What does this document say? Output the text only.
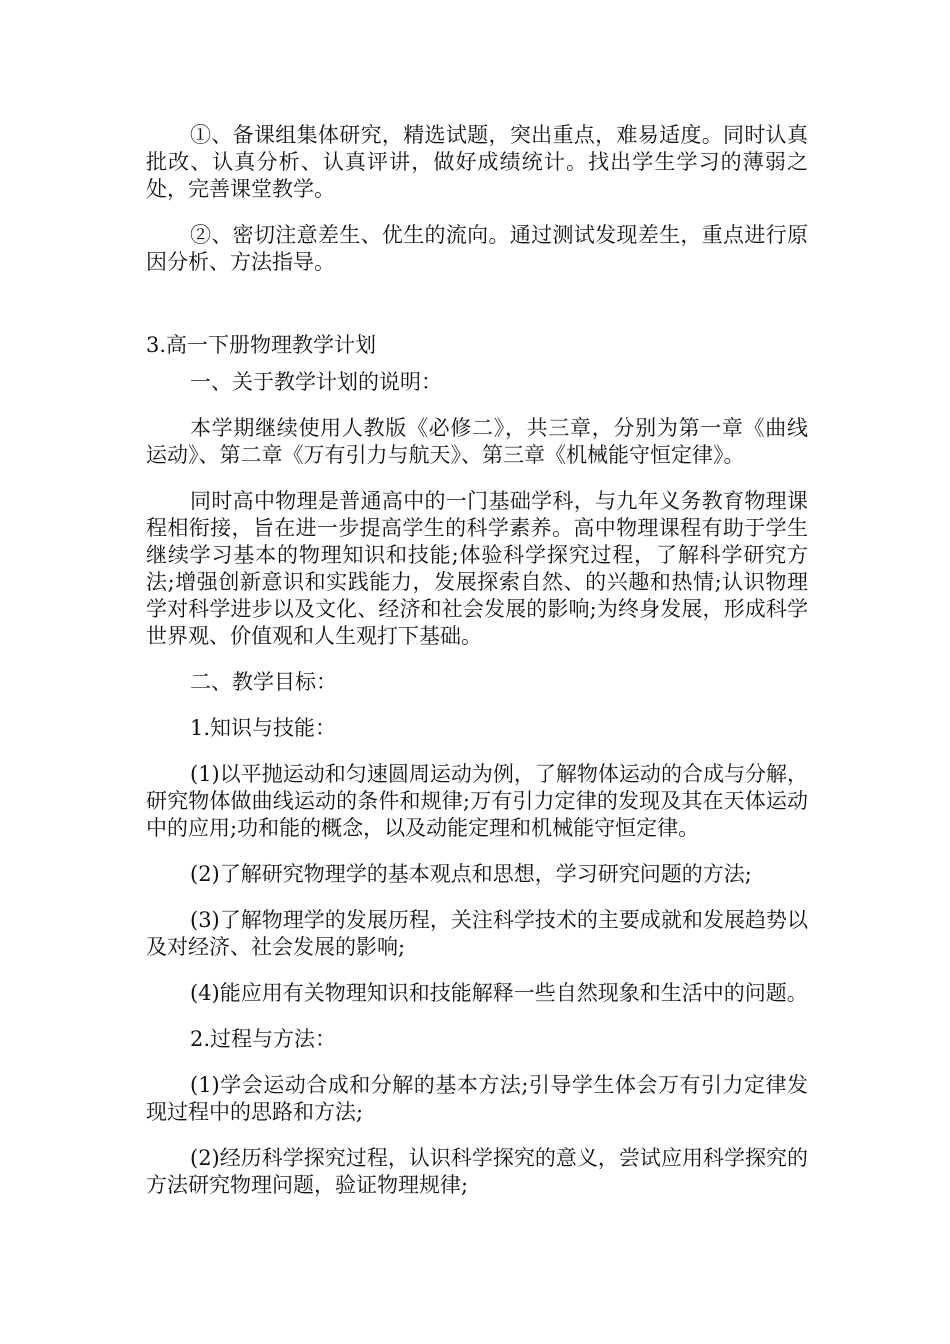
①、备课组集体研究，精选试题，突出重点，难易适度。同时认真批改、认真分析、认真评讲，做好成绩统计。找出学生学习的薄弱之处，完善课堂教学。

②、密切注意差生、优生的流向。通过测试发现差生，重点进行原因分析、方法指导。

3.高一下册物理教学计划

一、关于教学计划的说明：

本学期继续使用人教版《必修二》，共三章，分别为第一章《曲线运动》、第二章《万有引力与航天》、第三章《机械能守恒定律》。

同时高中物理是普通高中的一门基础学科，与九年义务教育物理课程相衔接，旨在进一步提高学生的科学素养。高中物理课程有助于学生继续学习基本的物理知识和技能;体验科学探究过程，了解科学研究方法;增强创新意识和实践能力，发展探索自然、的兴趣和热情;认识物理学对科学进步以及文化、经济和社会发展的影响;为终身发展，形成科学世界观、价值观和人生观打下基础。

二、教学目标：

1.知识与技能：

(1)以平抛运动和匀速圆周运动为例，了解物体运动的合成与分解，研究物体做曲线运动的条件和规律;万有引力定律的发现及其在天体运动中的应用;功和能的概念，以及动能定理和机械能守恒定律。

(2)了解研究物理学的基本观点和思想，学习研究问题的方法;

(3)了解物理学的发展历程，关注科学技术的主要成就和发展趋势以及对经济、社会发展的影响;

(4)能应用有关物理知识和技能解释一些自然现象和生活中的问题。

2.过程与方法：

(1)学会运动合成和分解的基本方法;引导学生体会万有引力定律发现过程中的思路和方法;

(2)经历科学探究过程，认识科学探究的意义，尝试应用科学探究的方法研究物理问题，验证物理规律;
